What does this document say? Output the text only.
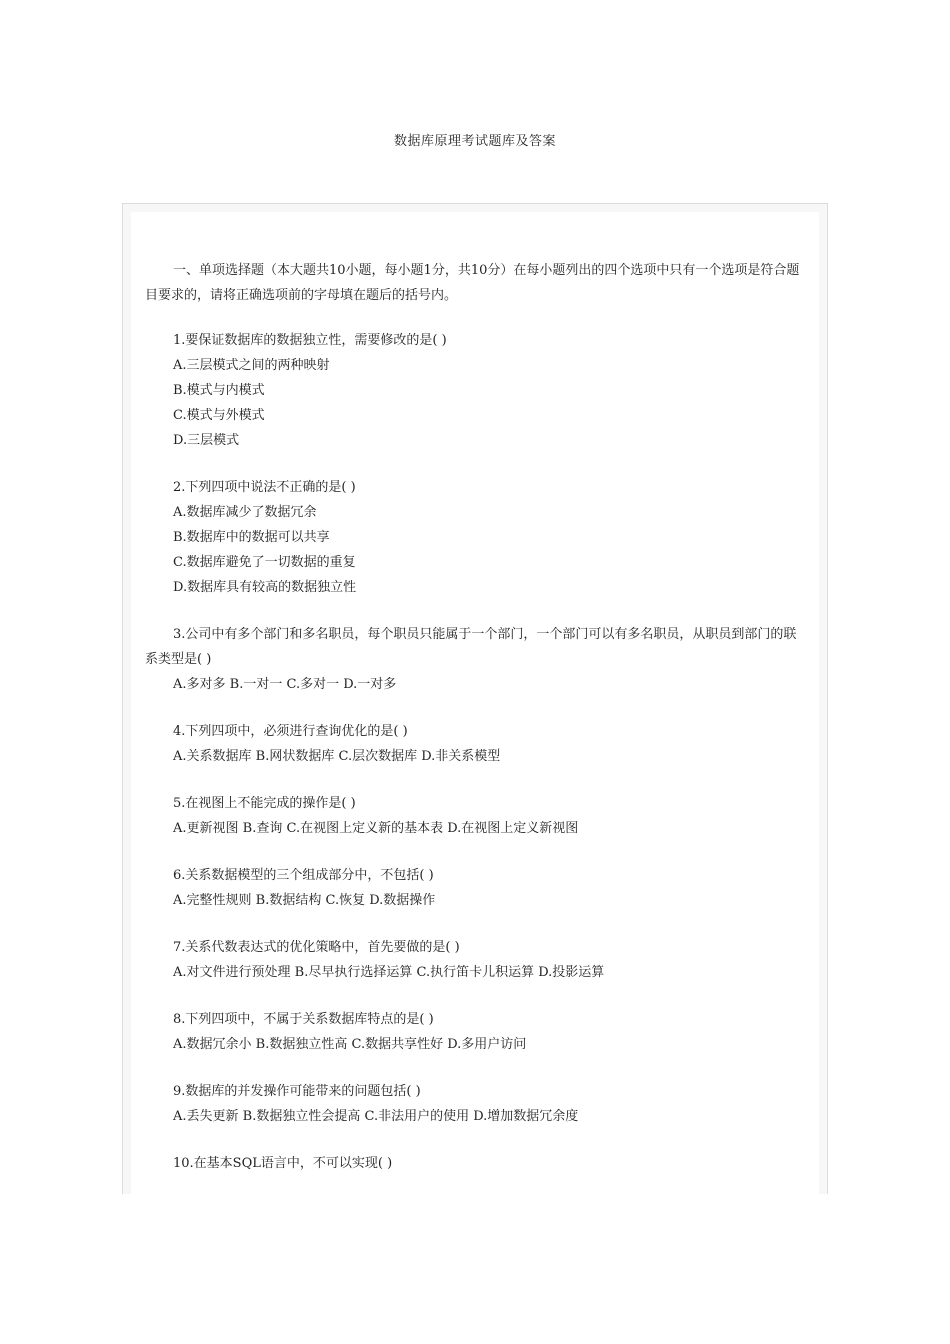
数据库原理考试题库及答案

一、单项选择题（本大题共10小题，每小题1分，共10分）在每小题列出的四个选项中只有一个选项是符合题目要求的，请将正确选项前的字母填在题后的括号内。

1.要保证数据库的数据独立性，需要修改的是( )
A.三层模式之间的两种映射
B.模式与内模式
C.模式与外模式
D.三层模式
2.下列四项中说法不正确的是( )
A.数据库减少了数据冗余
B.数据库中的数据可以共享
C.数据库避免了一切数据的重复
D.数据库具有较高的数据独立性
3.公司中有多个部门和多名职员，每个职员只能属于一个部门，一个部门可以有多名职员，从职员到部门的联系类型是( )
A.多对多 B.一对一 C.多对一 D.一对多
4.下列四项中，必须进行查询优化的是( )
A.关系数据库 B.网状数据库 C.层次数据库 D.非关系模型
5.在视图上不能完成的操作是( )
A.更新视图 B.查询 C.在视图上定义新的基本表 D.在视图上定义新视图
6.关系数据模型的三个组成部分中，不包括( )
A.完整性规则 B.数据结构 C.恢复 D.数据操作
7.关系代数表达式的优化策略中，首先要做的是( )
A.对文件进行预处理 B.尽早执行选择运算 C.执行笛卡儿积运算 D.投影运算
8.下列四项中，不属于关系数据库特点的是( )
A.数据冗余小 B.数据独立性高 C.数据共享性好 D.多用户访问
9.数据库的并发操作可能带来的问题包括( )
A.丢失更新 B.数据独立性会提高 C.非法用户的使用 D.增加数据冗余度
10.在基本SQL语言中，不可以实现( )
